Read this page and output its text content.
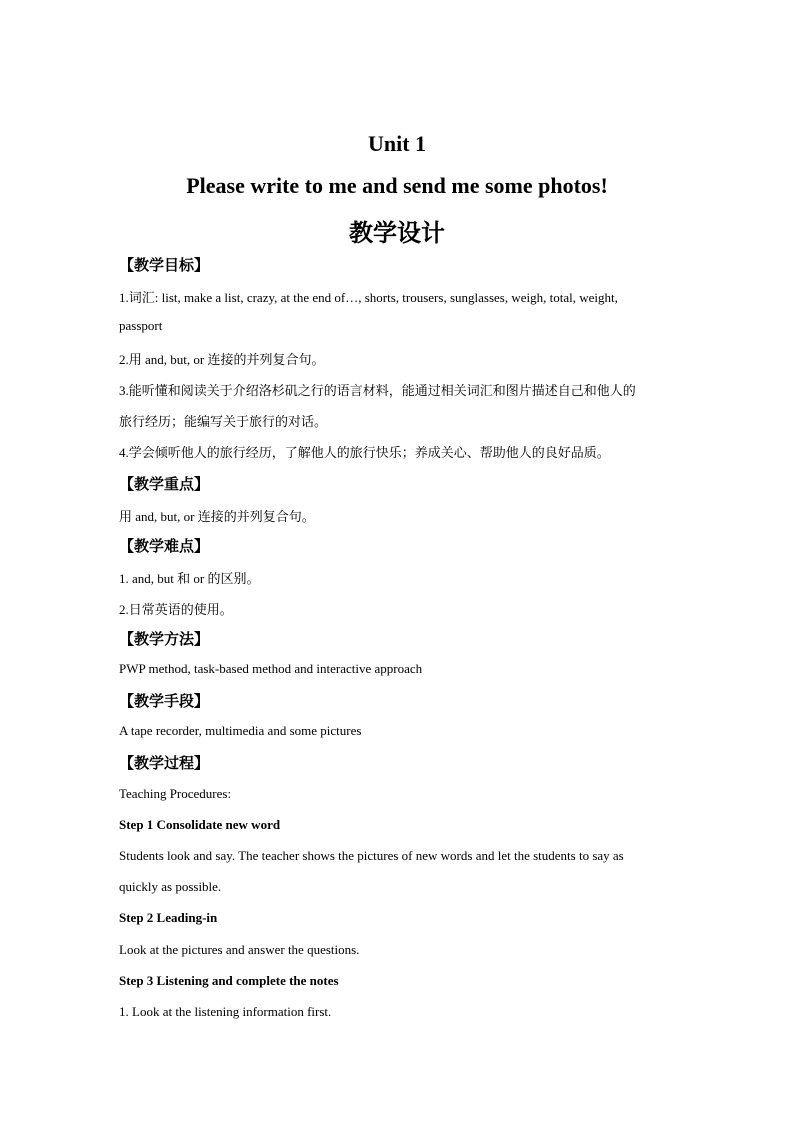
Unit 1
Please write to me and send me some photos!
教学设计
【教学目标】
1.词汇: list, make a list, crazy, at the end of…, shorts, trousers, sunglasses, weigh, total, weight,
passport
2.用 and, but, or 连接的并列复合句。
3.能听懂和阅读关于介绍洛杉矶之行的语言材料，能通过相关词汇和图片描述自己和他人的
旅行经历；能编写关于旅行的对话。
4.学会倾听他人的旅行经历，了解他人的旅行快乐；养成关心、帮助他人的良好品质。
【教学重点】
用 and, but, or 连接的并列复合句。
【教学难点】
1. and, but 和 or 的区别。
2.日常英语的使用。
【教学方法】
PWP method, task-based method and interactive approach
【教学手段】
A tape recorder, multimedia and some pictures
【教学过程】
Teaching Procedures:
Step 1 Consolidate new word
Students look and say. The teacher shows the pictures of new words and let the students to say as
quickly as possible.
Step 2 Leading-in
Look at the pictures and answer the questions.
Step 3 Listening and complete the notes
1. Look at the listening information first.
